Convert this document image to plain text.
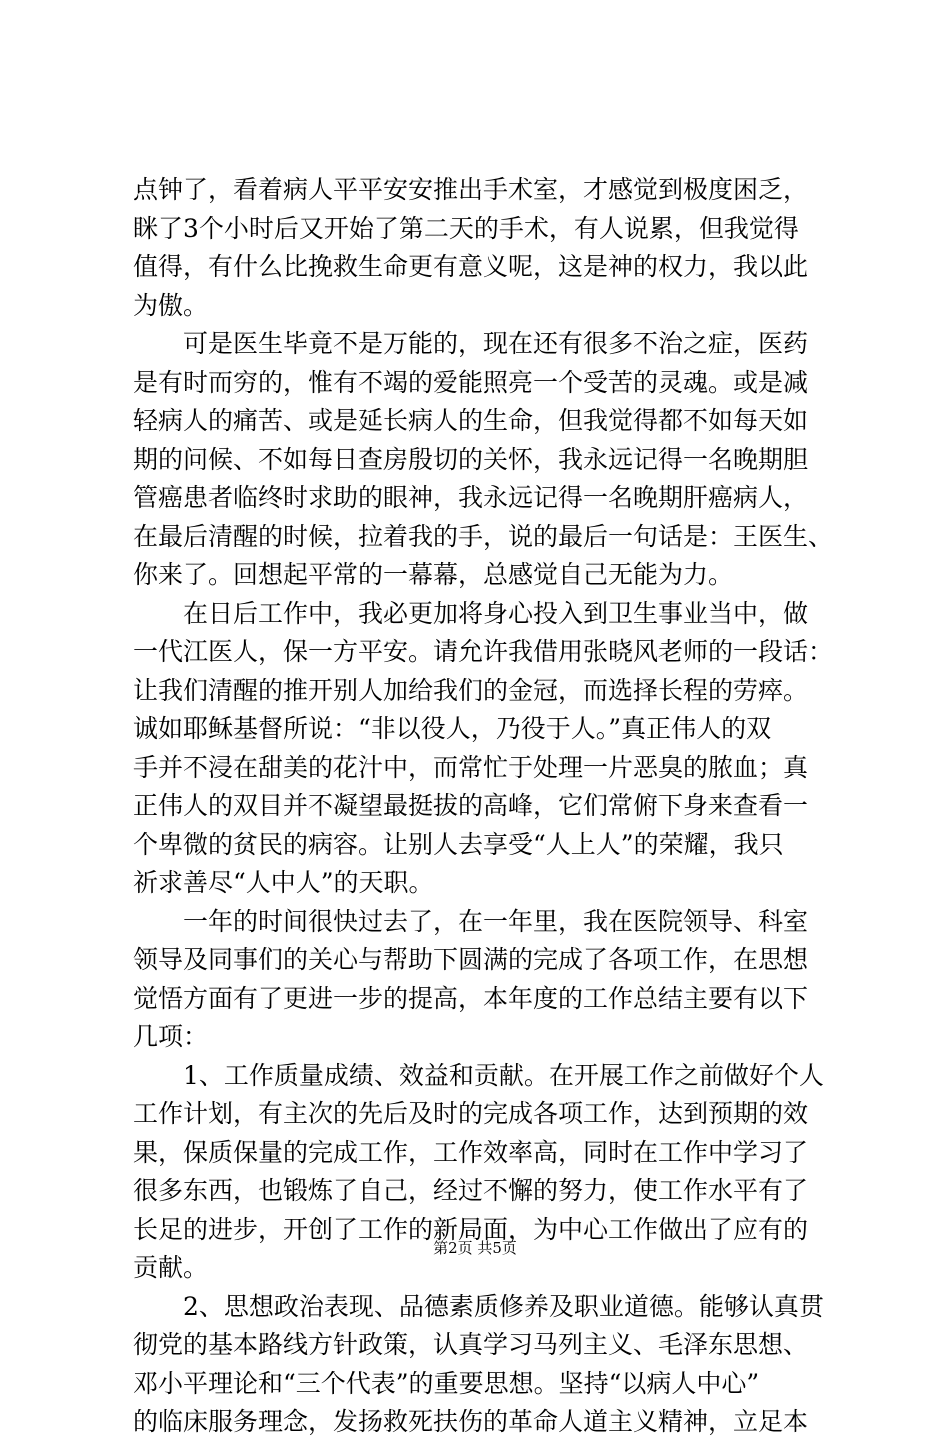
点钟了，看着病人平平安安推出手术室，才感觉到极度困乏，
眯了3个小时后又开始了第二天的手术，有人说累，但我觉得
值得，有什么比挽救生命更有意义呢，这是神的权力，我以此
为傲。
　　可是医生毕竟不是万能的，现在还有很多不治之症，医药
是有时而穷的，惟有不竭的爱能照亮一个受苦的灵魂。或是减
轻病人的痛苦、或是延长病人的生命，但我觉得都不如每天如
期的问候、不如每日查房殷切的关怀，我永远记得一名晚期胆
管癌患者临终时求助的眼神，我永远记得一名晚期肝癌病人，
在最后清醒的时候，拉着我的手，说的最后一句话是：王医生、
你来了。回想起平常的一幕幕，总感觉自己无能为力。
　　在日后工作中，我必更加将身心投入到卫生事业当中，做
一代江医人，保一方平安。请允许我借用张晓风老师的一段话：
让我们清醒的推开别人加给我们的金冠，而选择长程的劳瘁。
诚如耶稣基督所说：“非以役人，乃役于人。”真正伟人的双
手并不浸在甜美的花汁中，而常忙于处理一片恶臭的脓血；真
正伟人的双目并不凝望最挺拔的高峰，它们常俯下身来查看一
个卑微的贫民的病容。让别人去享受“人上人”的荣耀，我只
祈求善尽“人中人”的天职。
　　一年的时间很快过去了，在一年里，我在医院领导、科室
领导及同事们的关心与帮助下圆满的完成了各项工作，在思想
觉悟方面有了更进一步的提高，本年度的工作总结主要有以下
几项：
　　1、工作质量成绩、效益和贡献。在开展工作之前做好个人
工作计划，有主次的先后及时的完成各项工作，达到预期的效
果，保质保量的完成工作，工作效率高，同时在工作中学习了
很多东西，也锻炼了自己，经过不懈的努力，使工作水平有了
长足的进步，开创了工作的新局面，为中心工作做出了应有的
贡献。
　　2、思想政治表现、品德素质修养及职业道德。能够认真贯
彻党的基本路线方针政策，认真学习马列主义、毛泽东思想、
邓小平理论和“三个代表”的重要思想。坚持“以病人中心”
的临床服务理念，发扬救死扶伤的革命人道主义精神，立足本
第2页 共5页
